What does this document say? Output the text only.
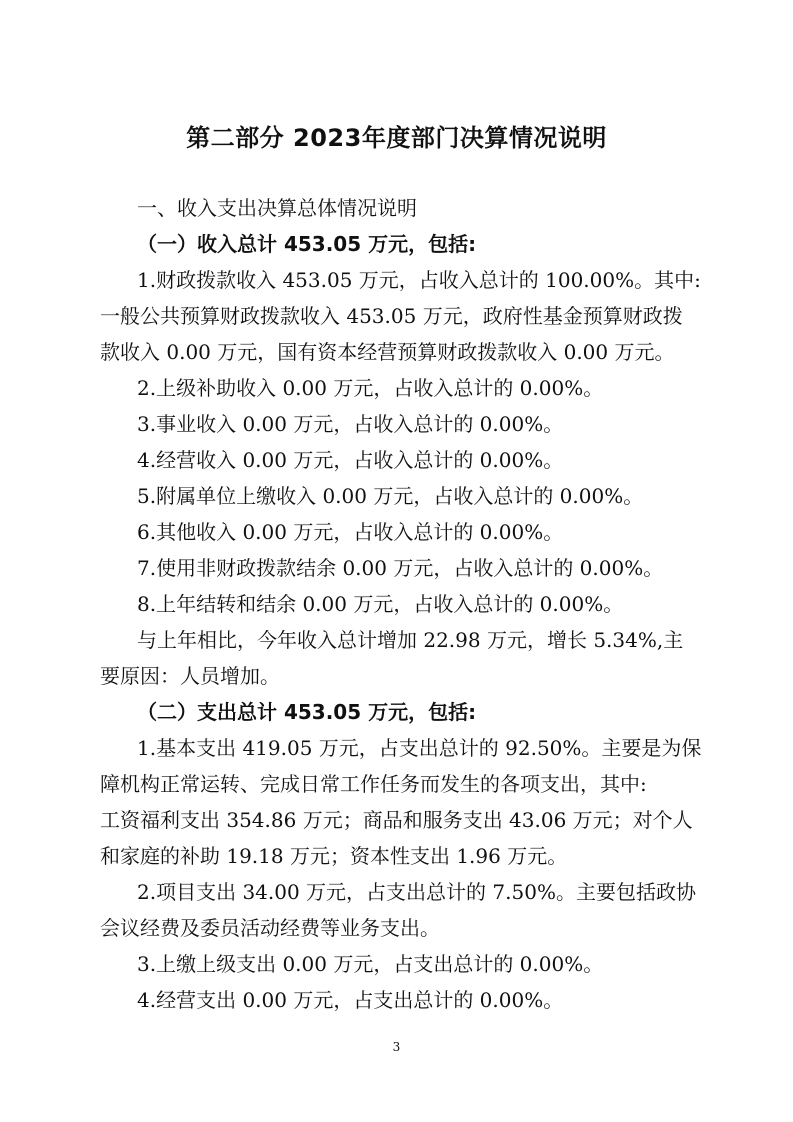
第二部分 2023年度部门决算情况说明
一、收入支出决算总体情况说明
（一）收入总计 453.05 万元，包括:
1.财政拨款收入 453.05 万元，占收入总计的 100.00%。其中:
一般公共预算财政拨款收入 453.05 万元，政府性基金预算财政拨
款收入 0.00 万元，国有资本经营预算财政拨款收入 0.00 万元。
2.上级补助收入 0.00 万元，占收入总计的 0.00%。
3.事业收入 0.00 万元，占收入总计的 0.00%。
4.经营收入 0.00 万元，占收入总计的 0.00%。
5.附属单位上缴收入 0.00 万元，占收入总计的 0.00%。
6.其他收入 0.00 万元，占收入总计的 0.00%。
7.使用非财政拨款结余 0.00 万元，占收入总计的 0.00%。
8.上年结转和结余 0.00 万元，占收入总计的 0.00%。
与上年相比，今年收入总计增加 22.98 万元，增长 5.34%,主
要原因：人员增加。
（二）支出总计 453.05 万元，包括:
1.基本支出 419.05 万元，占支出总计的 92.50%。主要是为保
障机构正常运转、完成日常工作任务而发生的各项支出，其中:
工资福利支出 354.86 万元；商品和服务支出 43.06 万元；对个人
和家庭的补助 19.18 万元；资本性支出 1.96 万元。
2.项目支出 34.00 万元，占支出总计的 7.50%。主要包括政协
会议经费及委员活动经费等业务支出。
3.上缴上级支出 0.00 万元，占支出总计的 0.00%。
4.经营支出 0.00 万元，占支出总计的 0.00%。
3
